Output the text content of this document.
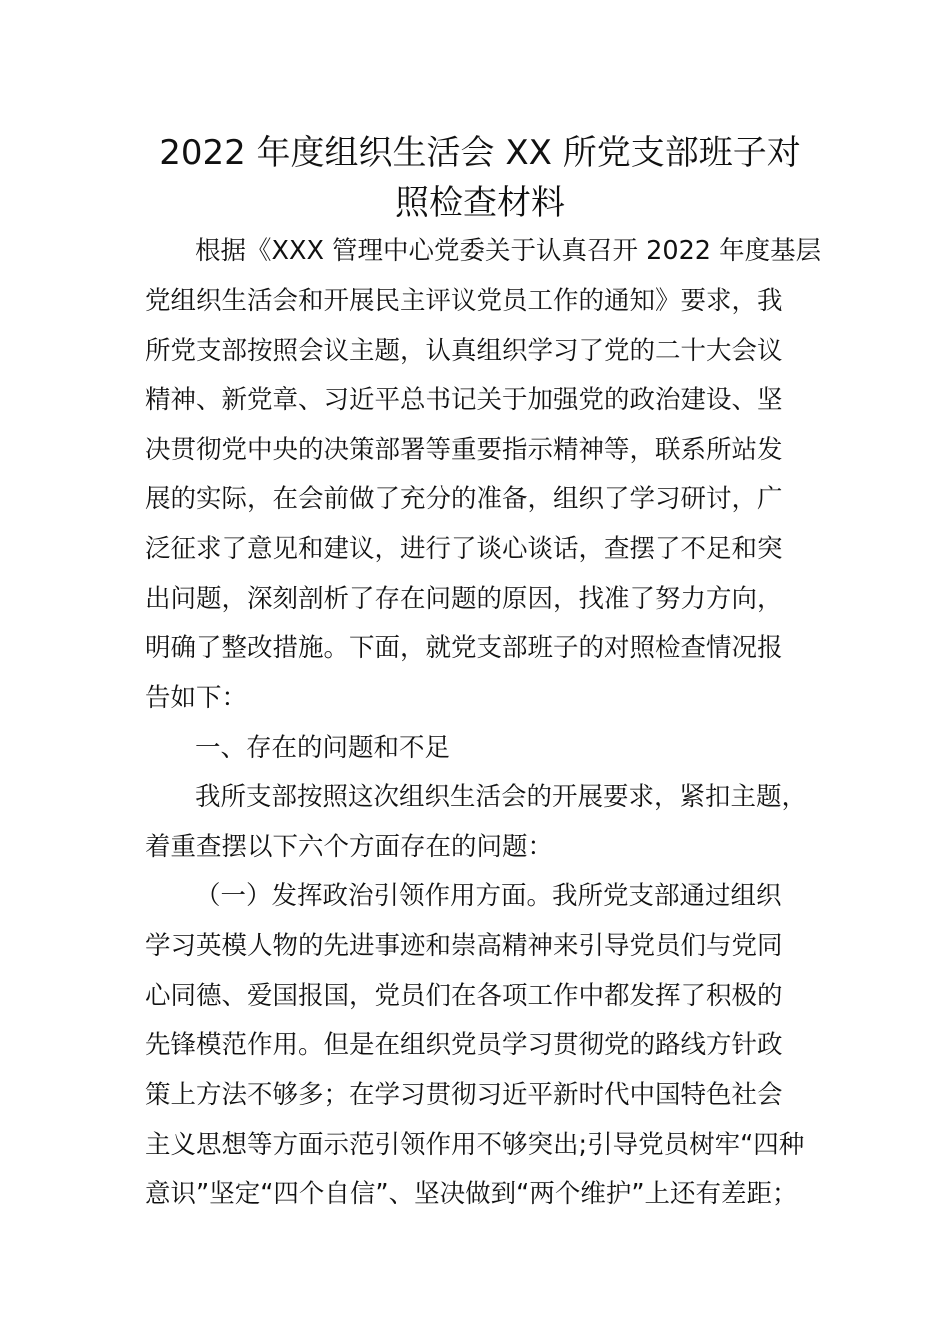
2022 年度组织生活会 XX 所党支部班子对
照检查材料
根据《XXX 管理中心党委关于认真召开 2022 年度基层
党组织生活会和开展民主评议党员工作的通知》要求，我
所党支部按照会议主题，认真组织学习了党的二十大会议
精神、新党章、习近平总书记关于加强党的政治建设、坚
决贯彻党中央的决策部署等重要指示精神等，联系所站发
展的实际，在会前做了充分的准备，组织了学习研讨，广
泛征求了意见和建议，进行了谈心谈话，查摆了不足和突
出问题，深刻剖析了存在问题的原因，找准了努力方向，
明确了整改措施。下面，就党支部班子的对照检查情况报
告如下：
一、存在的问题和不足
我所支部按照这次组织生活会的开展要求，紧扣主题，
着重查摆以下六个方面存在的问题：
（一）发挥政治引领作用方面。我所党支部通过组织
学习英模人物的先进事迹和崇高精神来引导党员们与党同
心同德、爱国报国，党员们在各项工作中都发挥了积极的
先锋模范作用。但是在组织党员学习贯彻党的路线方针政
策上方法不够多；在学习贯彻习近平新时代中国特色社会
主义思想等方面示范引领作用不够突出;引导党员树牢“四种
意识”坚定“四个自信”、坚决做到“两个维护”上还有差距；
